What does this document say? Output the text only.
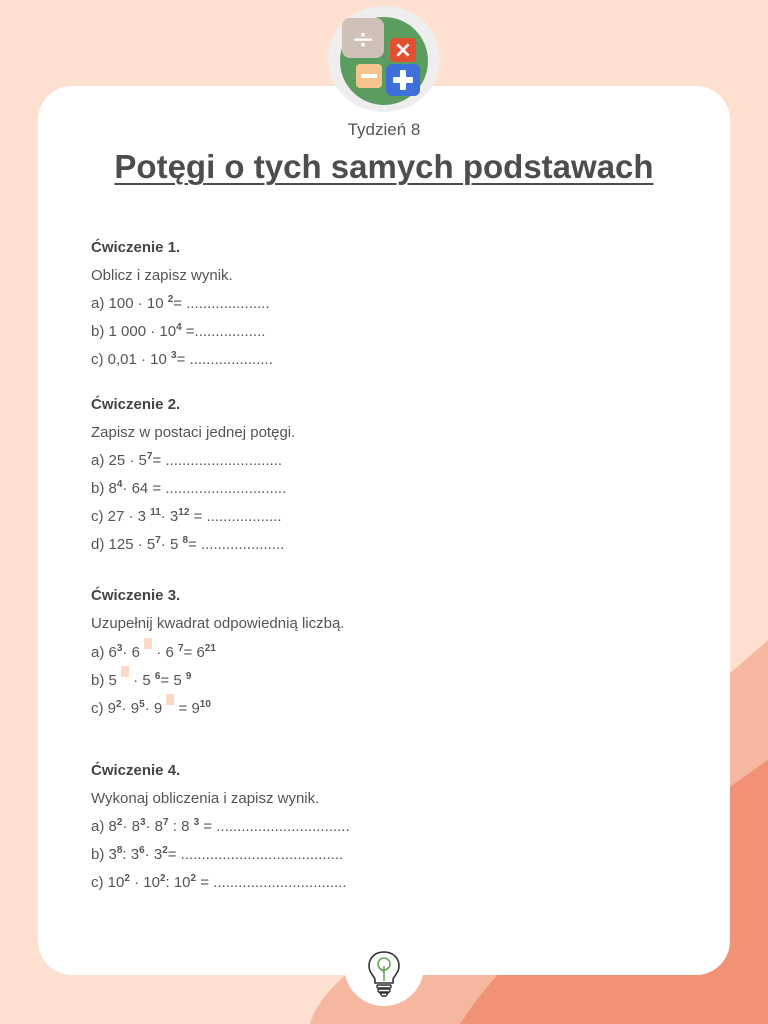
÷ ×
Tydzień 8
Potęgi o tych samych podstawach
Ćwiczenie 1.
Oblicz i zapisz wynik.
a) 100 · 10 $^2$= ....................
b) 1 $000 \cdot 10^4$ =.................
c) 0,01 · 10 $^3$= ....................
Ćwiczenie 2.
Zapisz w postaci jednej potęgi.
a) $25 \cdot 5^7=$ ............................
b) $8^4\cdot 64$ = .............................
c) 27 · 3 $^{11}\cdot 3^{12}$ = ..................
d) $125 \cdot 5^7\cdot 5$ $^8$= ....................
Ćwiczenie 3.
Uzupełnij kwadrat odpowiednią liczbą.
a) $6^3\cdot 6 \cdot 6$ $^7= 6^{21}$
b) 5  · 5 $^6$= 5 $^9$
c) $9^2\cdot 9^5\cdot 9 = 9^{10}$
Ćwiczenie 4.
Wykonaj obliczenia i zapisz wynik.
a) $8^2\cdot 8^3\cdot 8^7$ : 8 $^3$ = ................................
b) $3^8$: $3^6\cdot 3^2=$ .......................................
c) $10^2 \cdot 10^2$: $10^2$ = ................................
